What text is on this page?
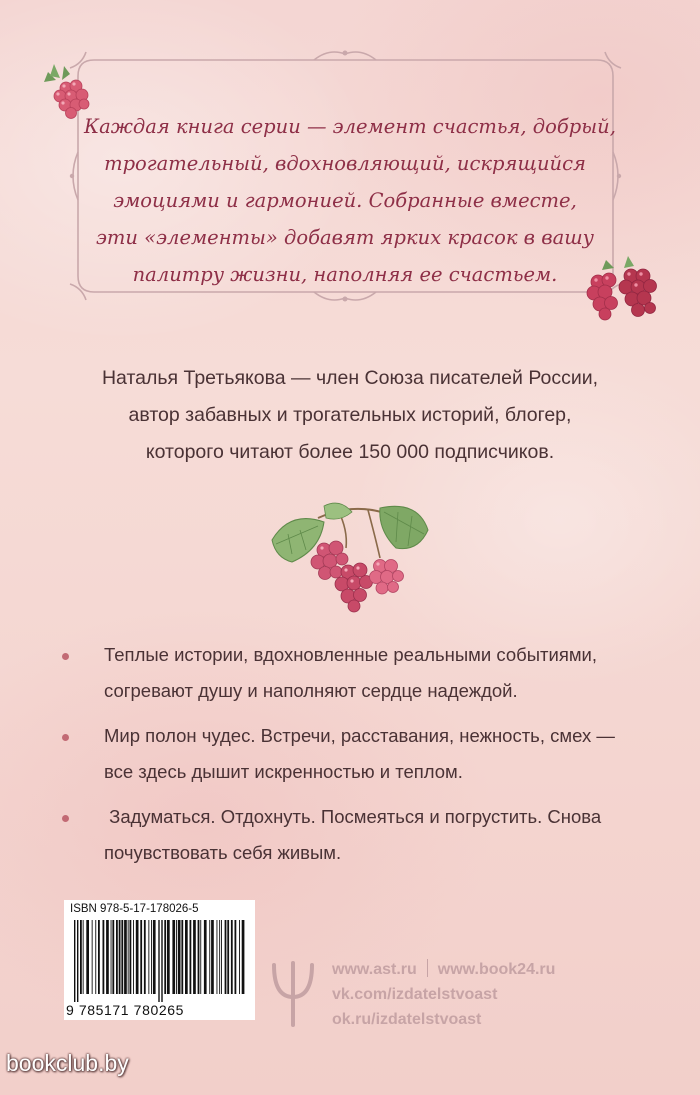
Каждая книга серии — элемент счастья, добрый,
трогательный, вдохновляющий, искрящийся
эмоциями и гармонией. Собранные вместе,
эти «элементы» добавят ярких красок в вашу
палитру жизни, наполняя ее счастьем.
Наталья Третьякова — член Союза писателей России,
автор забавных и трогательных историй, блогер,
которого читают более 150 000 подписчиков.
Теплые истории, вдохновленные реальными событиями,
согревают душу и наполняют сердце надеждой.
Мир полон чудес. Встречи, расставания, нежность, смех —
все здесь дышит искренностью и теплом.
Задуматься. Отдохнуть. Посмеяться и погрустить. Снова
почувствовать себя живым.
ISBN 978-5-17-178026-5
9 785171 780265
www.ast.ru www.book24.ru
vk.com/izdatelstvoast
ok.ru/izdatelstvoast
bookclub.by
